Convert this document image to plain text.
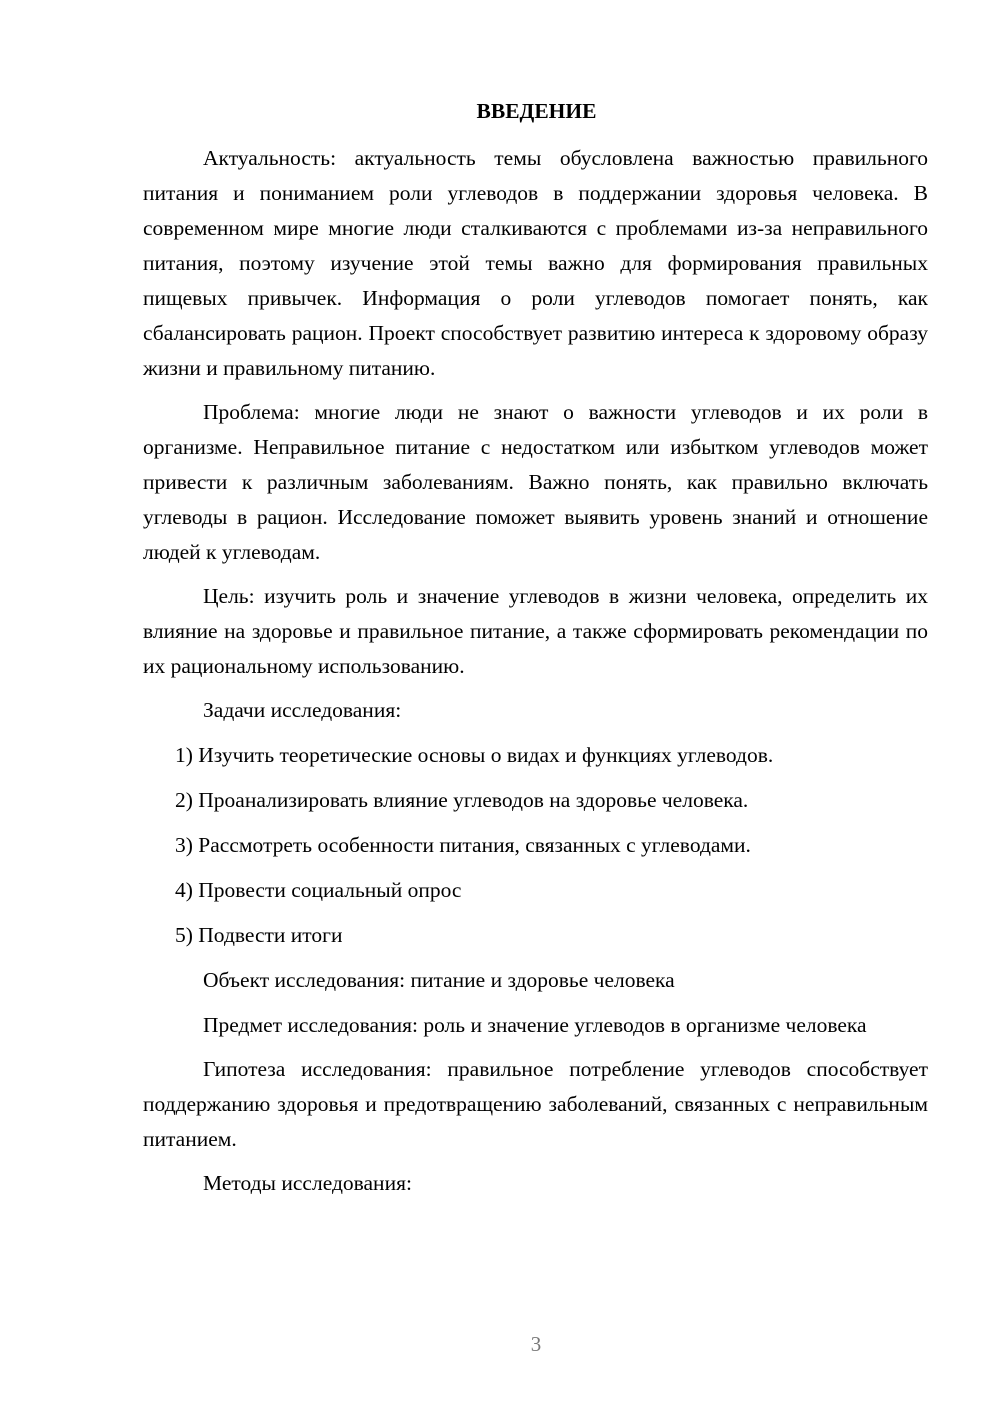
ВВЕДЕНИЕ

Актуальность: актуальность темы обусловлена важностью правильного питания и пониманием роли углеводов в поддержании здоровья человека. В современном мире многие люди сталкиваются с проблемами из-за неправильного питания, поэтому изучение этой темы важно для формирования правильных пищевых привычек. Информация о роли углеводов помогает понять, как сбалансировать рацион. Проект способствует развитию интереса к здоровому образу жизни и правильному питанию.

Проблема: многие люди не знают о важности углеводов и их роли в организме. Неправильное питание с недостатком или избытком углеводов может привести к различным заболеваниям. Важно понять, как правильно включать углеводы в рацион. Исследование поможет выявить уровень знаний и отношение людей к углеводам.

Цель: изучить роль и значение углеводов в жизни человека, определить их влияние на здоровье и правильное питание, а также сформировать рекомендации по их рациональному использованию.

Задачи исследования:

1) Изучить теоретические основы о видах и функциях углеводов.
2) Проанализировать влияние углеводов на здоровье человека.
3) Рассмотреть особенности питания, связанных с углеводами.
4) Провести социальный опрос
5) Подвести итоги

Объект исследования: питание и здоровье человека

Предмет исследования: роль и значение углеводов в организме человека

Гипотеза исследования: правильное потребление углеводов способствует поддержанию здоровья и предотвращению заболеваний, связанных с неправильным питанием.

Методы исследования:

3
